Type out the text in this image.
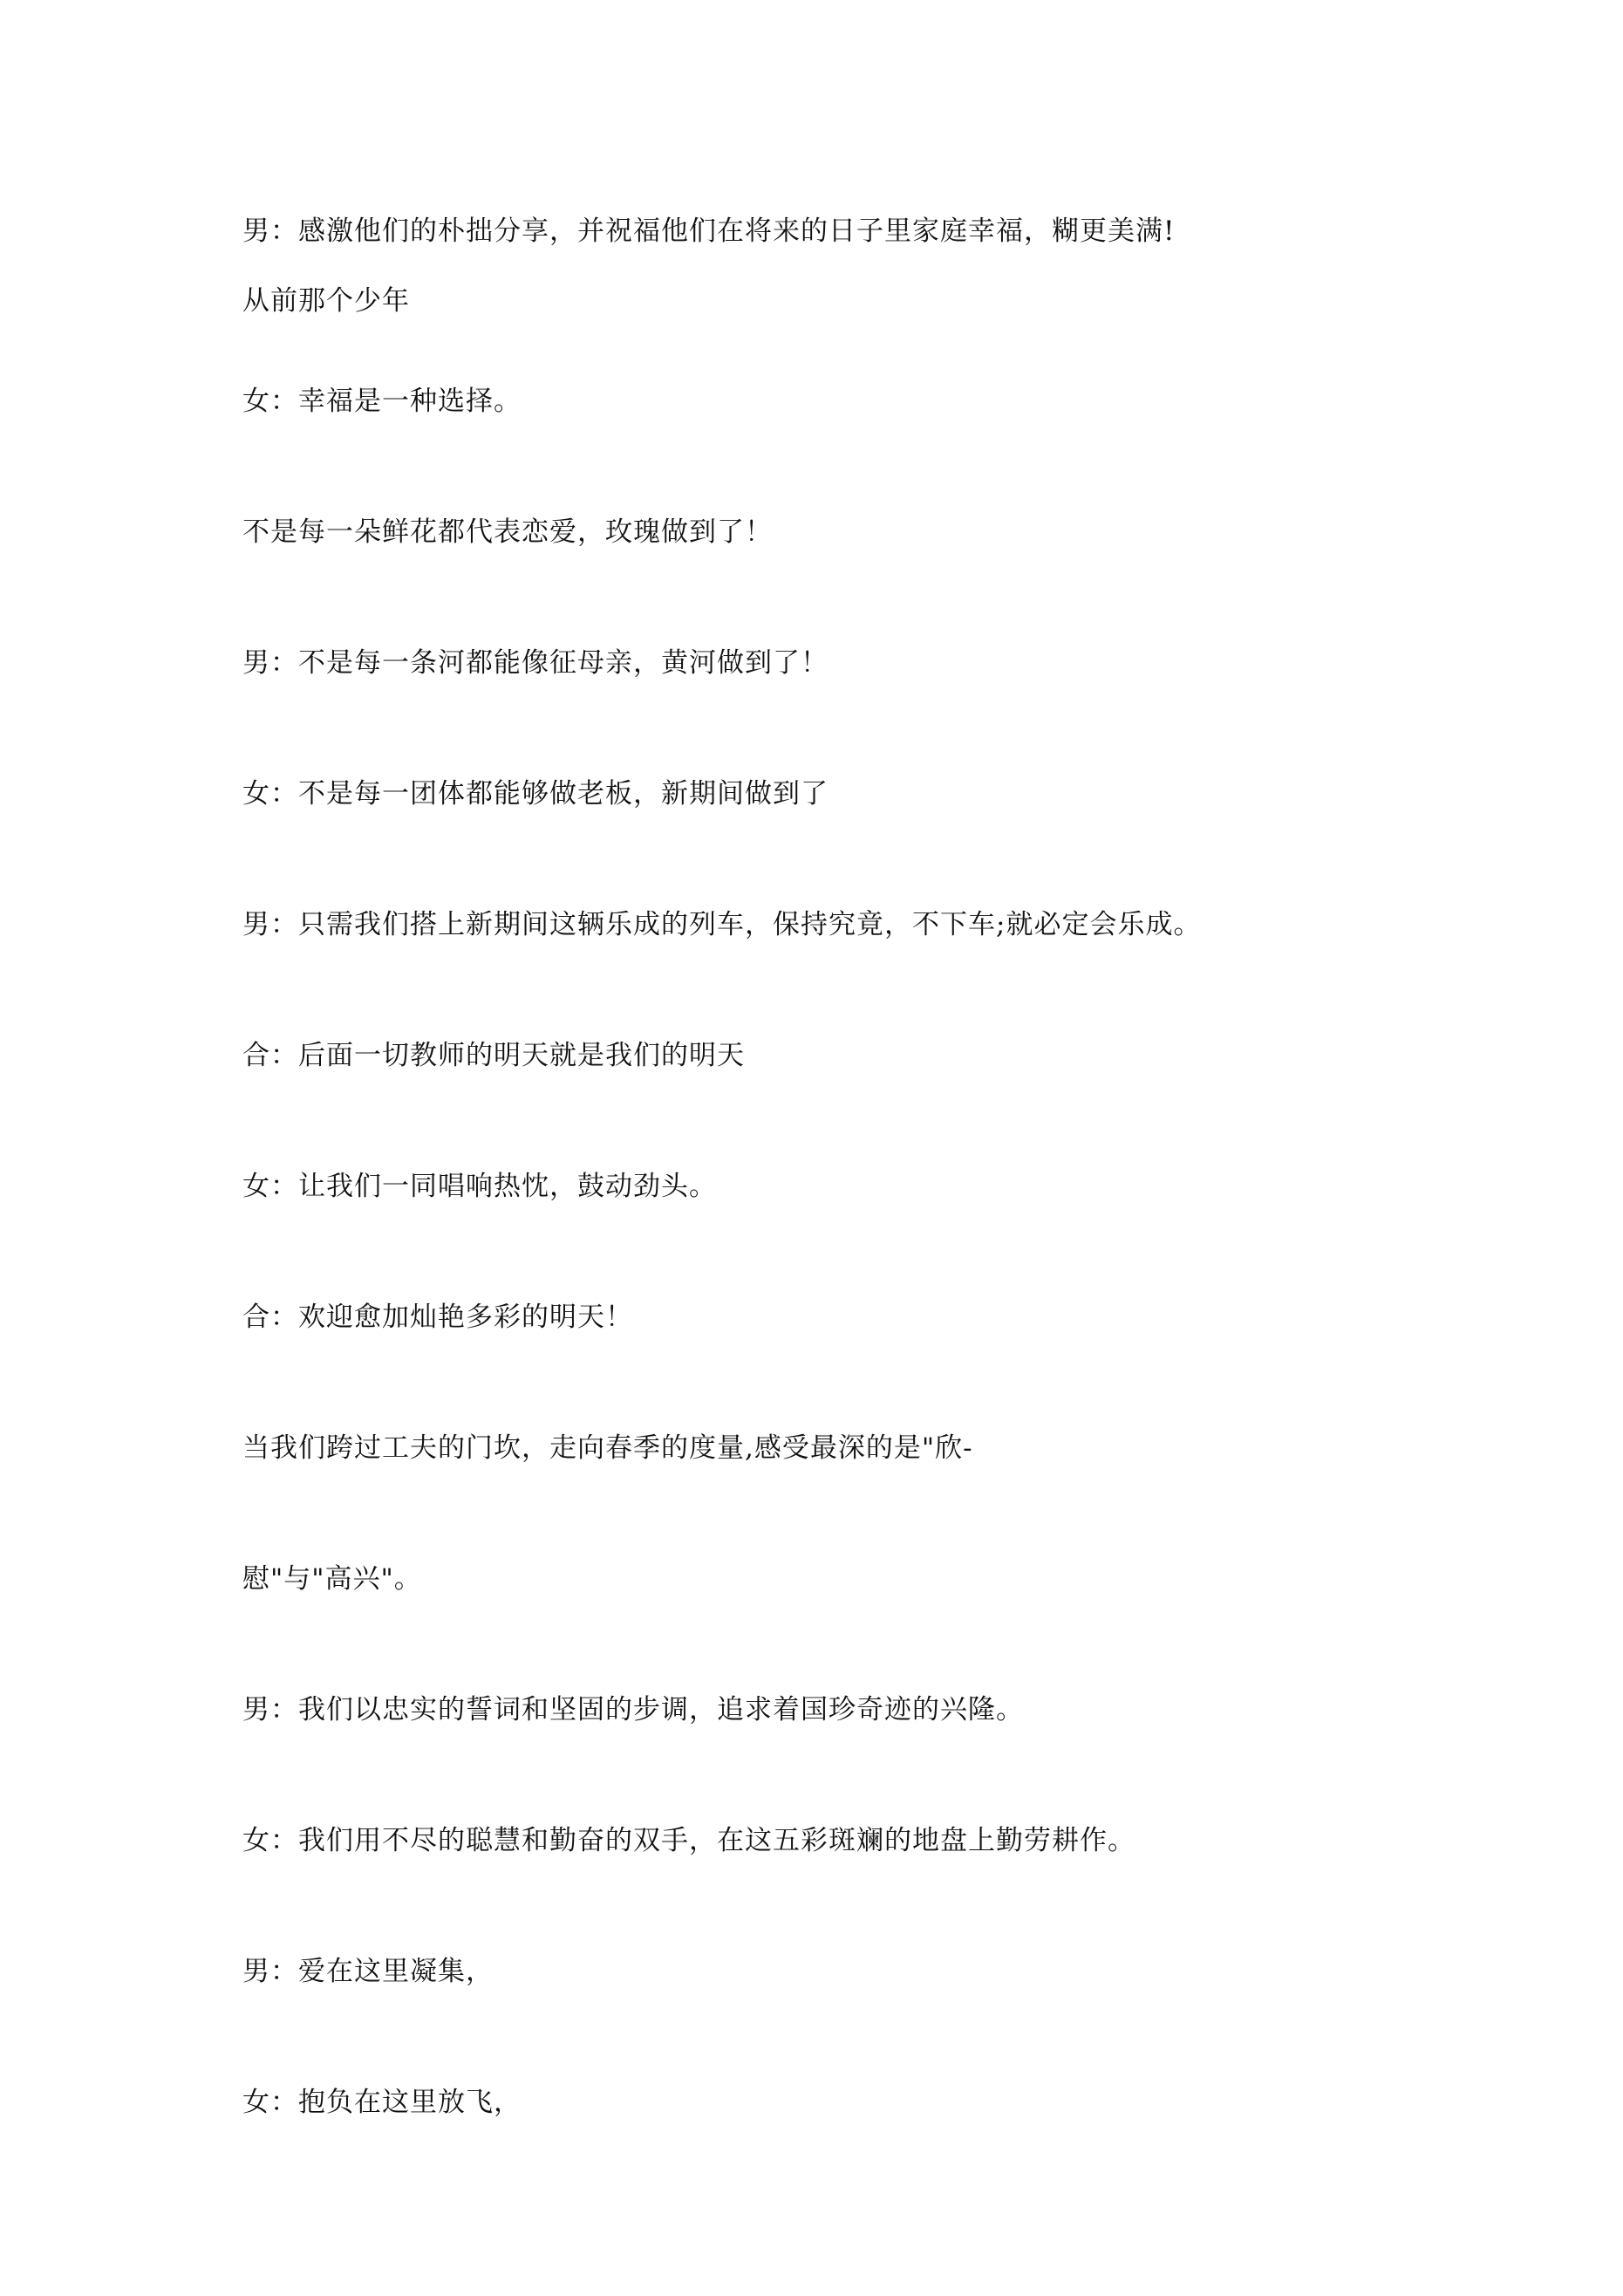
男：感激他们的朴拙分享，并祝福他们在将来的日子里家庭幸福，糊更美满!
从前那个少年
女：幸福是一种选择。
不是每一朵鲜花都代表恋爱，玫瑰做到了！
男：不是每一条河都能像征母亲，黄河做到了！
女：不是每一团体都能够做老板，新期间做到了
男：只需我们搭上新期间这辆乐成的列车，保持究竟，不下车;就必定会乐成。
合：后面一切教师的明天就是我们的明天
女：让我们一同唱响热忱，鼓动劲头。
合：欢迎愈加灿艳多彩的明天！
当我们跨过工夫的门坎，走向春季的度量,感受最深的是"欣-
慰"与"高兴"。
男：我们以忠实的誓词和坚固的步调，追求着国珍奇迹的兴隆。
女：我们用不尽的聪慧和勤奋的双手，在这五彩斑斓的地盘上勤劳耕作。
男：爱在这里凝集，
女：抱负在这里放飞，
